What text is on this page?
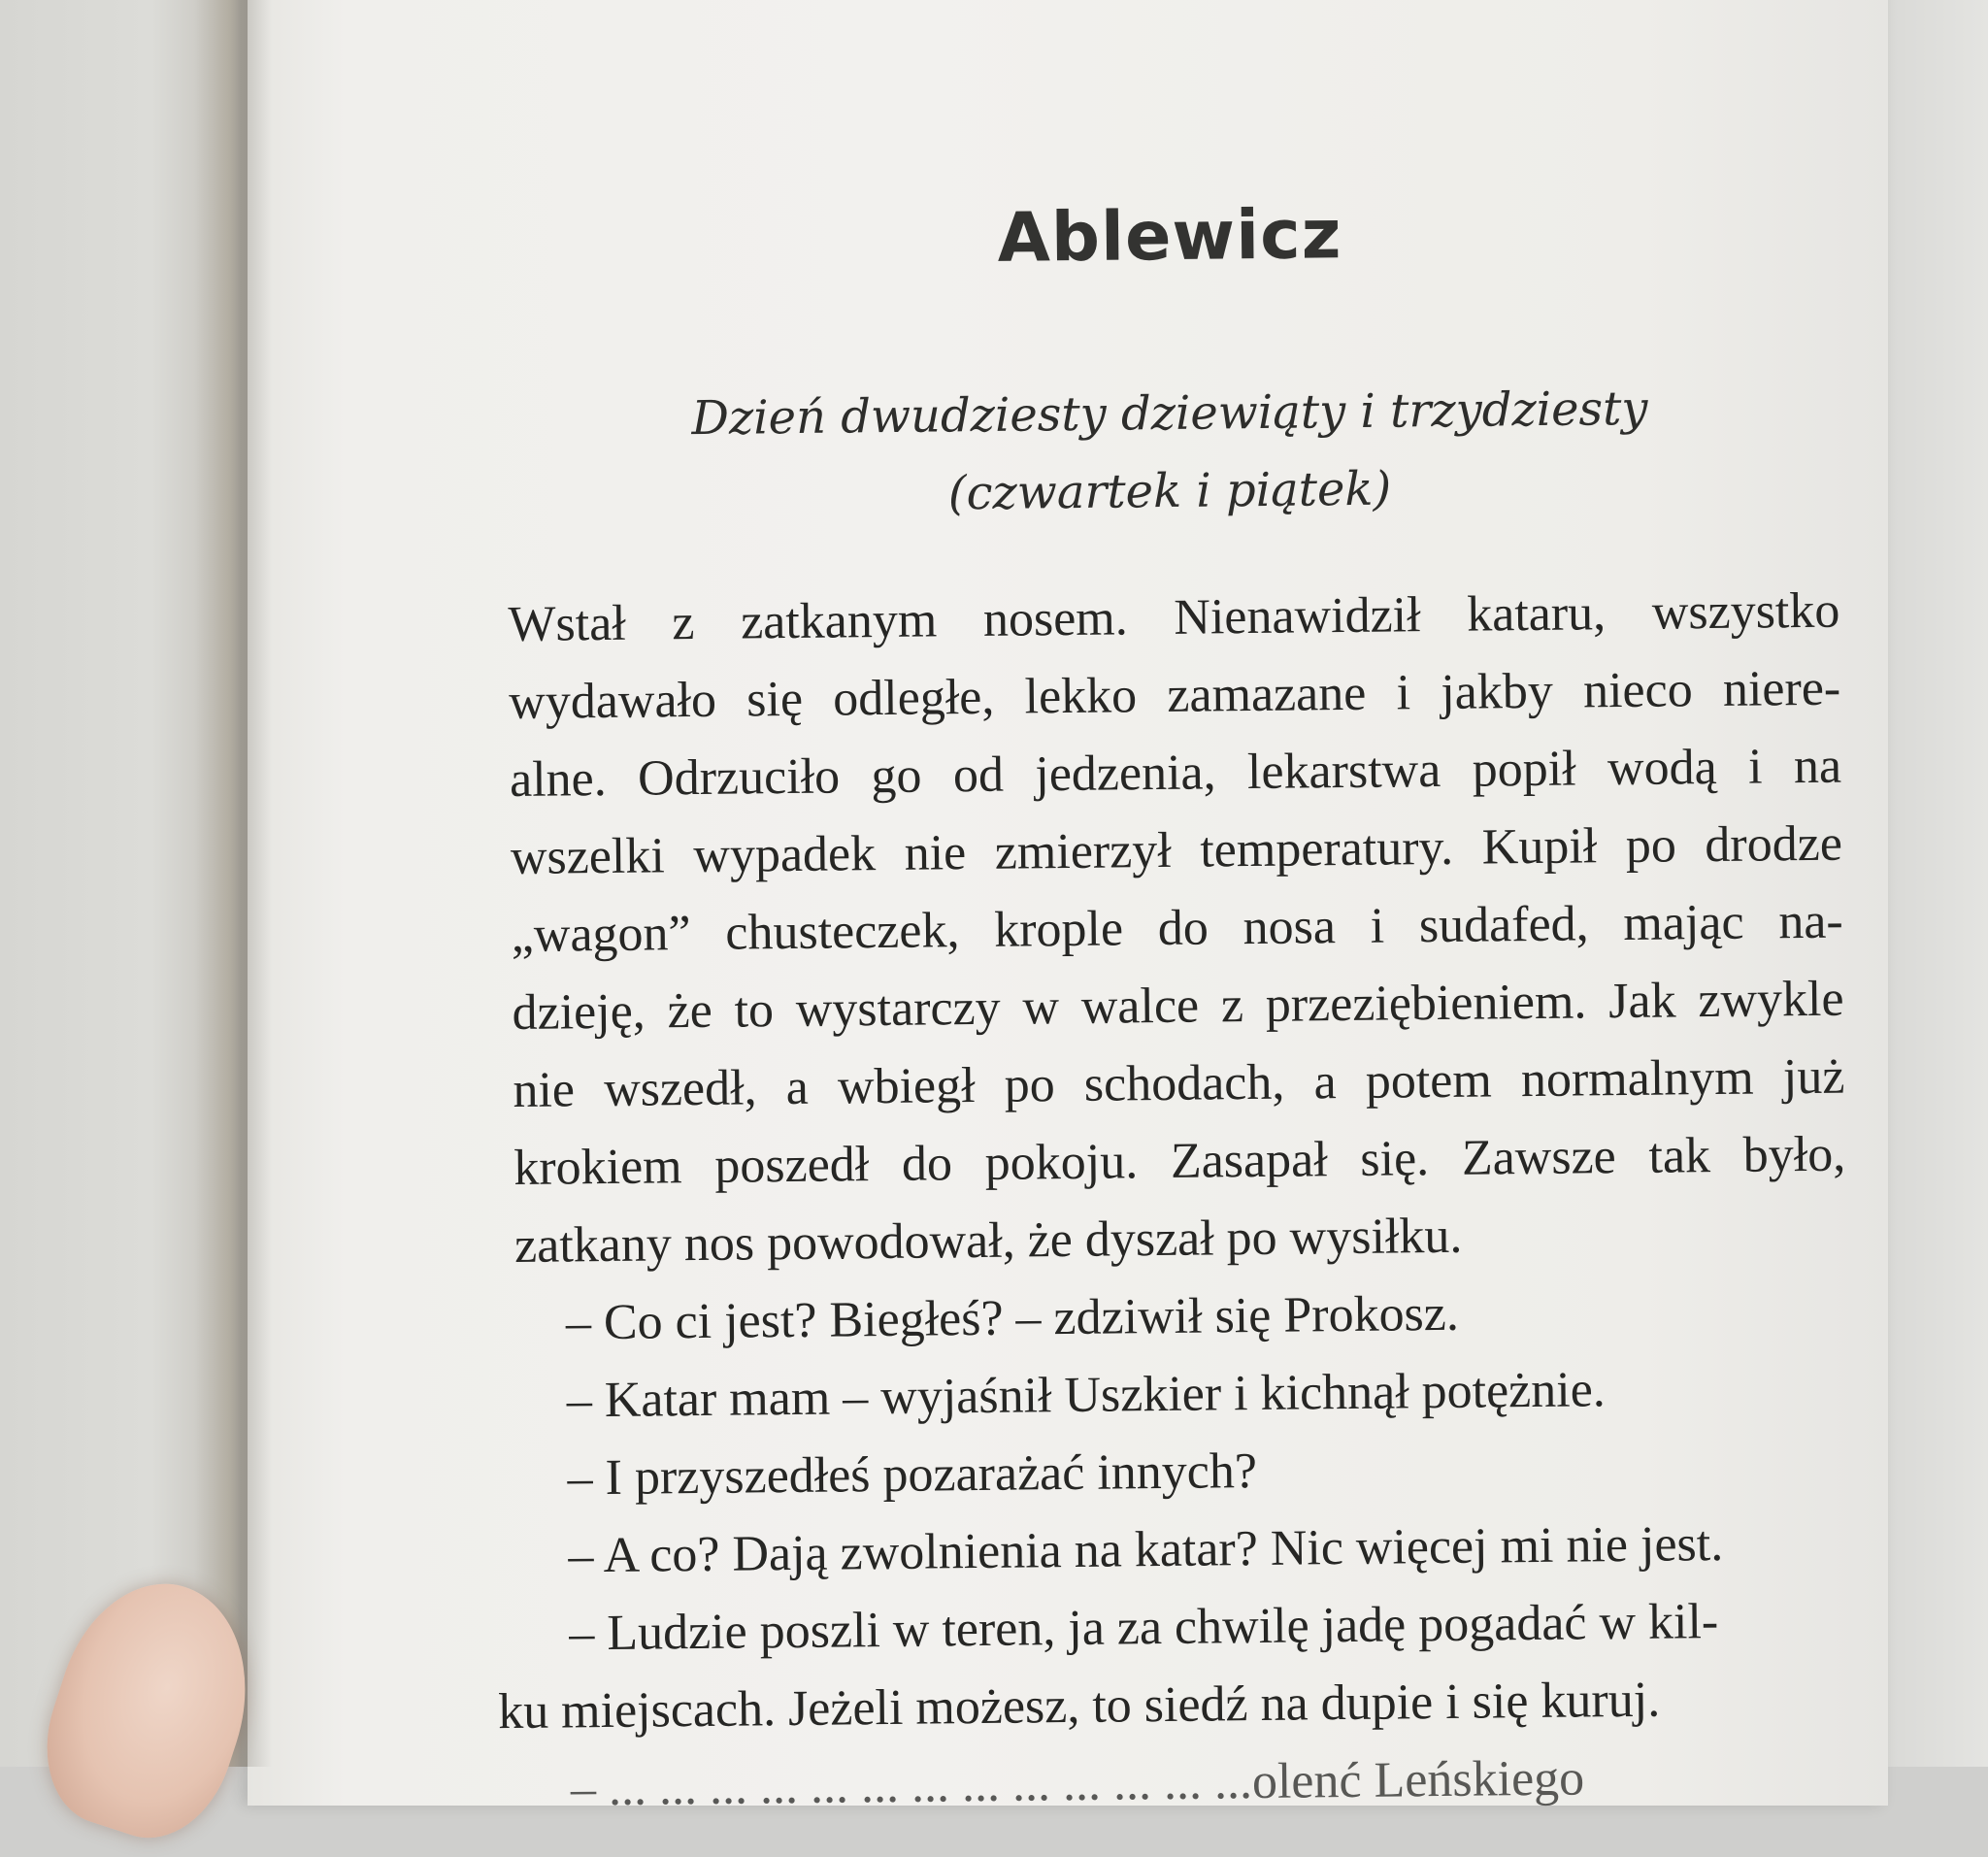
Ablewicz
Dzień dwudziesty dziewiąty i trzydziesty
(czwartek i piątek)
Wstał z zatkanym nosem. Nienawidził kataru, wszystko
wydawało się odległe, lekko zamazane i jakby nieco niere-
alne. Odrzuciło go od jedzenia, lekarstwa popił wodą i na
wszelki wypadek nie zmierzył temperatury. Kupił po drodze
„wagon” chusteczek, krople do nosa i sudafed, mając na-
dzieję, że to wystarczy w walce z przeziębieniem. Jak zwykle
nie wszedł, a wbiegł po schodach, a potem normalnym już
krokiem poszedł do pokoju. Zasapał się. Zawsze tak było,
zatkany nos powodował, że dyszał po wysiłku.
– Co ci jest? Biegłeś? – zdziwił się Prokosz.
– Katar mam – wyjaśnił Uszkier i kichnął potężnie.
– I przyszedłeś pozarażać innych?
– A co? Dają zwolnienia na katar? Nic więcej mi nie jest.
– Ludzie poszli w teren, ja za chwilę jadę pogadać w kil-
ku miejscach. Jeżeli możesz, to siedź na dupie i się kuruj.
– ... ... ... ... ... ... ... ... ... ... ... ... ...olenć Leńskiego
